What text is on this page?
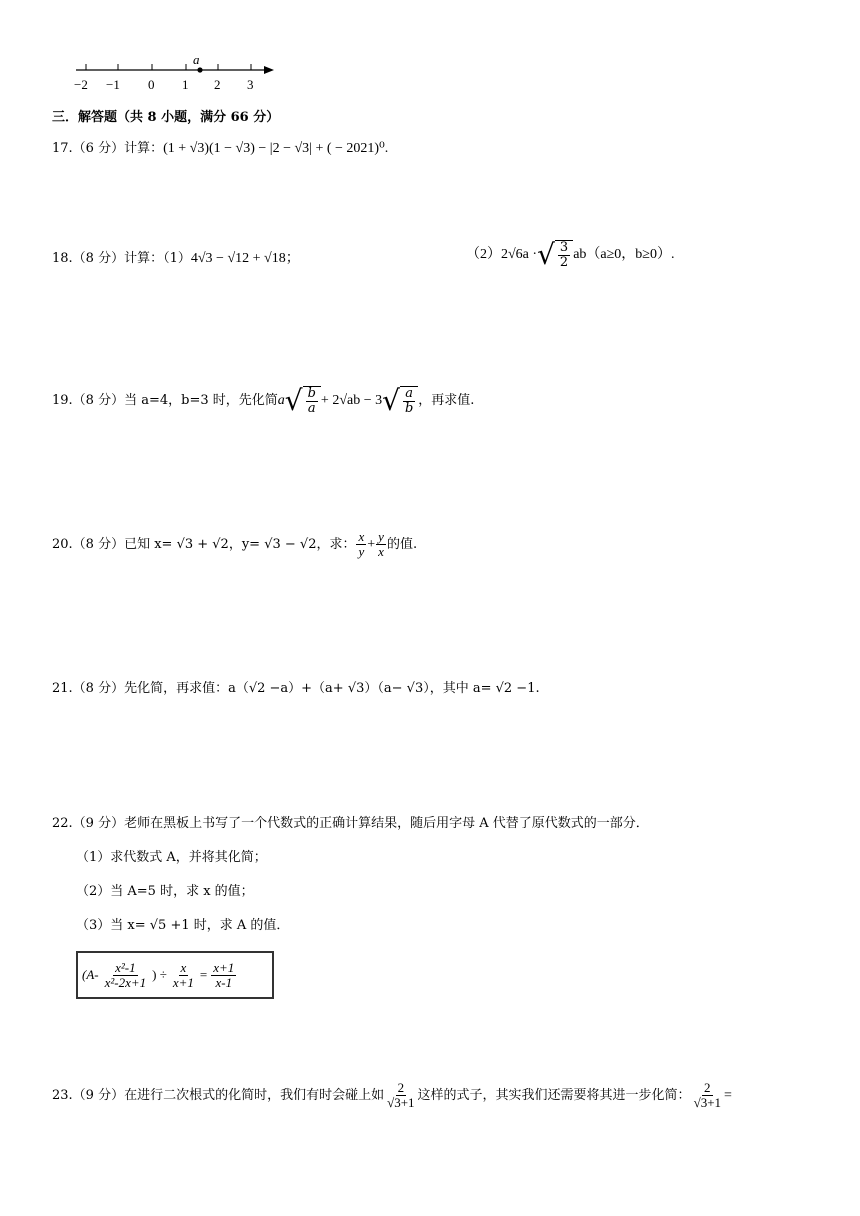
a
−2 −1 0 1 2 3
三．解答题（共 8 小题，满分 66 分）
17.（6 分）计算：(1 + √3)(1 − √3) − |2 − √3| + ( − 2021)⁰.
18.（8 分）计算：（1）4√3 − √12 + √18；	（2）2√6a · √ $\frac{3}{2} ab(a\ge 0$，b≥0）.
19.（8 分）当 a=4，b=3 时，先化简 a √ $\frac{b}{a} + 2√ab - 3$ √ $\frac{a}{b}$ ，再求值.
20.（8 分）已知 x= √3 + √2，y= √3 − √2，求： $\frac{x}{y} + \frac{y}{x}$ 的值.
21.（8 分）先化简，再求值：a（√2 −a）+（a+ √3）（a− √3），其中 a= √2 −1.
22.（9 分）老师在黑板上书写了一个代数式的正确计算结果，随后用字母 A 代替了原代数式的一部分．
（1）求代数式 A，并将其化简；
（2）当 A=5 时，求 x 的值；
（3）当 x= √5 +1 时，求 A 的值．
($A- \frac{\text{x²-1}}{\text{x²-2x+1}}$ ) ÷ $\frac{x}{x+1} = \frac{x+1}{x-1}$
23.（9 分）在进行二次根式的化简时，我们有时会碰上如 $\frac{2}{√3+1}$ 这样的式子，其实我们还需要将其进一步化简： $\frac{2}{√3+1}$ =
